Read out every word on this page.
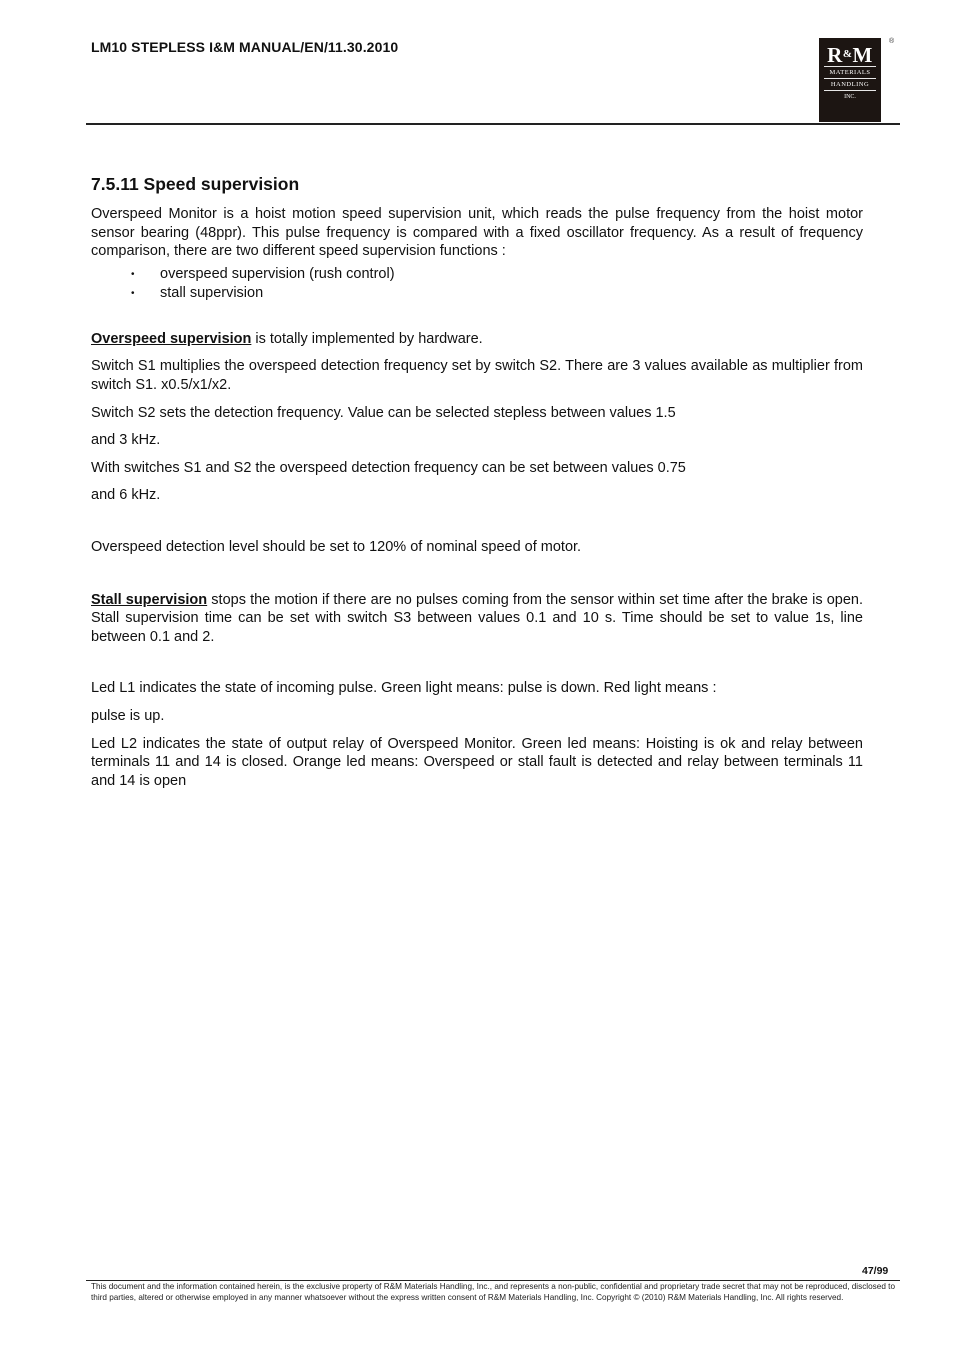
LM10 STEPLESS I&M MANUAL/EN/11.30.2010	R&M
MATERIALS
HANDLING
INC.
®
7.5.11 Speed supervision

Overspeed Monitor is a hoist motion speed supervision unit, which reads the pulse frequency from the hoist motor sensor bearing (48ppr). This pulse frequency is compared with a fixed oscillator frequency. As a result of frequency comparison, there are two different speed supervision functions :

• overspeed supervision (rush control)
• stall supervision

Overspeed supervision is totally implemented by hardware.

Switch S1 multiplies the overspeed detection frequency set by switch S2. There are 3 values available as multiplier from switch S1. x0.5/x1/x2.

Switch S2 sets the detection frequency. Value can be selected stepless between values 1.5

and 3 kHz.

With switches S1 and S2 the overspeed detection frequency can be set between values 0.75

and 6 kHz.

Overspeed detection level should be set to 120% of nominal speed of motor.

Stall supervision stops the motion if there are no pulses coming from the sensor within set time after the brake is open. Stall supervision time can be set with switch S3 between values 0.1 and 10 s. Time should be set to value 1s, line between 0.1 and 2.

Led L1 indicates the state of incoming pulse. Green light means: pulse is down. Red light means :

pulse is up.

Led L2 indicates the state of output relay of Overspeed Monitor. Green led means: Hoisting is ok and relay between terminals 11 and 14 is closed. Orange led means: Overspeed or stall fault is detected and relay between terminals 11 and 14 is open

47/99
This document and the information contained herein, is the exclusive property of R&M Materials Handling, Inc., and represents a non-public, confidential and proprietary trade secret that may not be reproduced, disclosed to third parties, altered or otherwise employed in any manner whatsoever without the express written consent of R&M Materials Handling, Inc. Copyright © (2010) R&M Materials Handling, Inc. All rights reserved.
